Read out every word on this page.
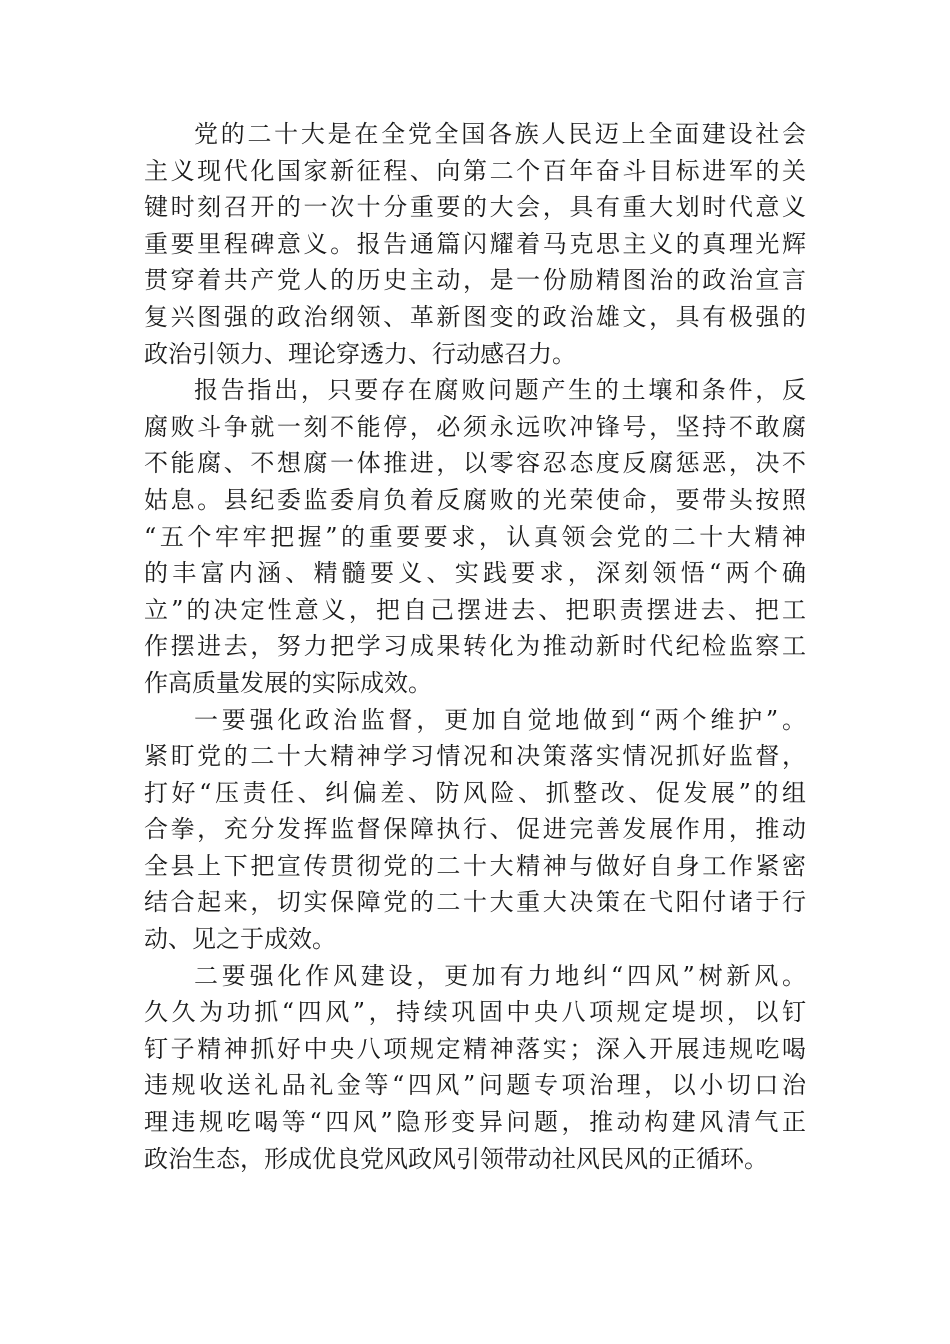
党的二十大是在全党全国各族人民迈上全面建设社会
主义现代化国家新征程、向第二个百年奋斗目标进军的关
键时刻召开的一次十分重要的大会，具有重大划时代意义
重要里程碑意义。报告通篇闪耀着马克思主义的真理光辉
贯穿着共产党人的历史主动，是一份励精图治的政治宣言
复兴图强的政治纲领、革新图变的政治雄文，具有极强的
政治引领力、理论穿透力、行动感召力。
报告指出，只要存在腐败问题产生的土壤和条件，反
腐败斗争就一刻不能停，必须永远吹冲锋号，坚持不敢腐
不能腐、不想腐一体推进，以零容忍态度反腐惩恶，决不
姑息。县纪委监委肩负着反腐败的光荣使命，要带头按照
“五个牢牢把握”的重要要求，认真领会党的二十大精神
的丰富内涵、精髓要义、实践要求，深刻领悟“两个确
立”的决定性意义，把自己摆进去、把职责摆进去、把工
作摆进去，努力把学习成果转化为推动新时代纪检监察工
作高质量发展的实际成效。
一要强化政治监督，更加自觉地做到“两个维护”。
紧盯党的二十大精神学习情况和决策落实情况抓好监督，
打好“压责任、纠偏差、防风险、抓整改、促发展”的组
合拳，充分发挥监督保障执行、促进完善发展作用，推动
全县上下把宣传贯彻党的二十大精神与做好自身工作紧密
结合起来，切实保障党的二十大重大决策在弋阳付诸于行
动、见之于成效。
二要强化作风建设，更加有力地纠“四风”树新风。
久久为功抓“四风”，持续巩固中央八项规定堤坝，以钉
钉子精神抓好中央八项规定精神落实；深入开展违规吃喝
违规收送礼品礼金等“四风”问题专项治理，以小切口治
理违规吃喝等“四风”隐形变异问题，推动构建风清气正
政治生态，形成优良党风政风引领带动社风民风的正循环。
